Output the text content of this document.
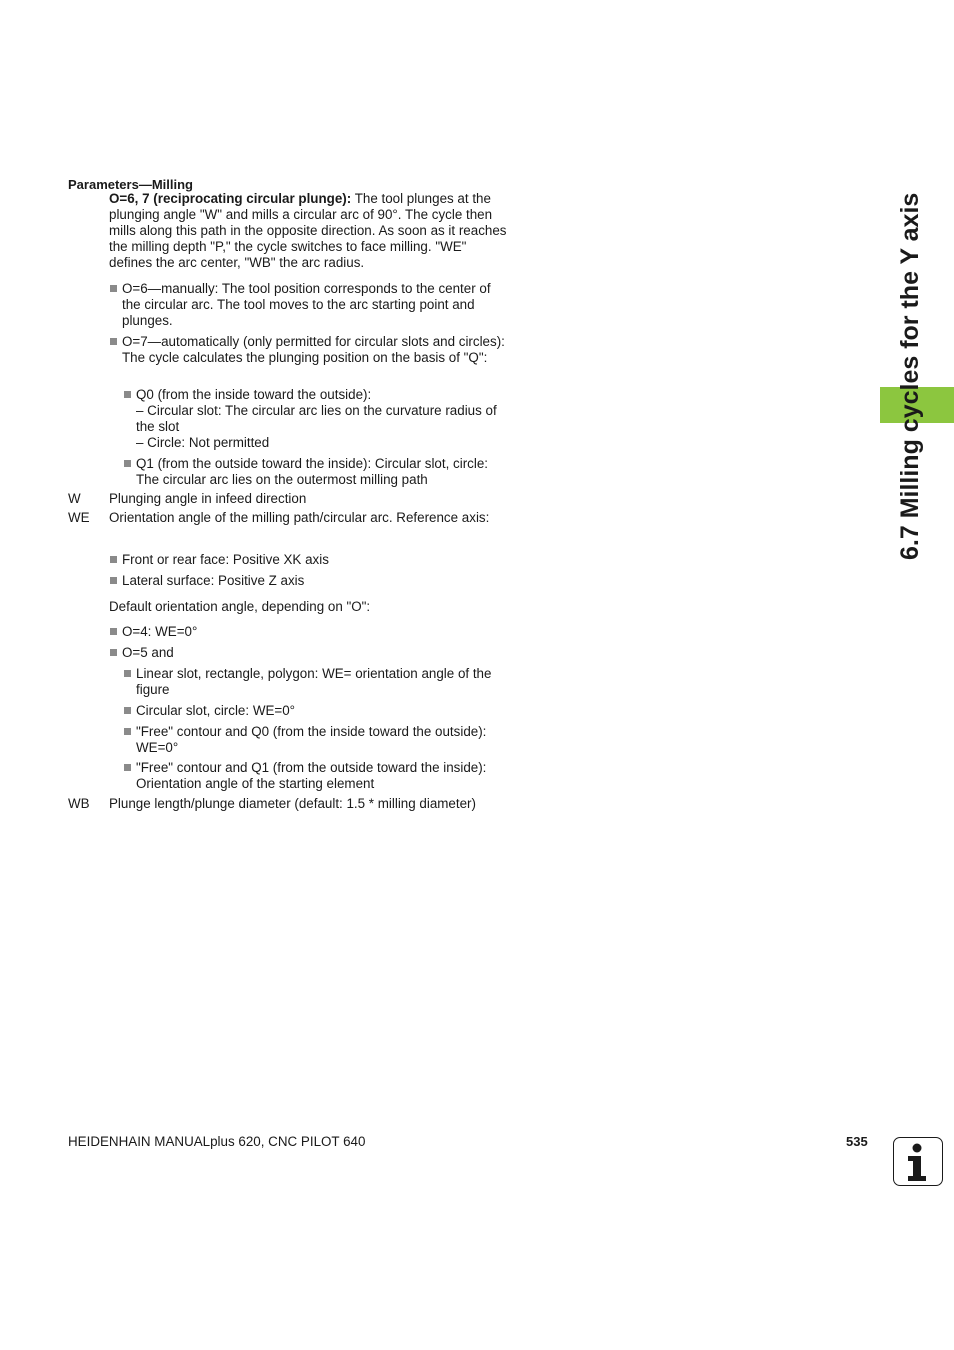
6.7 Milling cycles for the Y axis
Parameters—Milling
O=6, 7 (reciprocating circular plunge): The tool plunges at the plunging angle "W" and mills a circular arc of 90°. The cycle then mills along this path in the opposite direction. As soon as it reaches the milling depth "P," the cycle switches to face milling. "WE" defines the arc center, "WB" the arc radius.
O=6—manually: The tool position corresponds to the center of the circular arc. The tool moves to the arc starting point and plunges.
O=7—automatically (only permitted for circular slots and circles): The cycle calculates the plunging position on the basis of "Q":
Q0 (from the inside toward the outside):
– Circular slot: The circular arc lies on the curvature radius of the slot
– Circle: Not permitted
Q1 (from the outside toward the inside): Circular slot, circle: The circular arc lies on the outermost milling path
W Plunging angle in infeed direction
WE Orientation angle of the milling path/circular arc. Reference axis:
Front or rear face: Positive XK axis
Lateral surface: Positive Z axis
Default orientation angle, depending on "O":
O=4: WE=0°
O=5 and
Linear slot, rectangle, polygon: WE= orientation angle of the figure
Circular slot, circle: WE=0°
"Free" contour and Q0 (from the inside toward the outside): WE=0°
"Free" contour and Q1 (from the outside toward the inside): Orientation angle of the starting element
WB Plunge length/plunge diameter (default: 1.5 * milling diameter)
HEIDENHAIN MANUALplus 620, CNC PILOT 640	535
